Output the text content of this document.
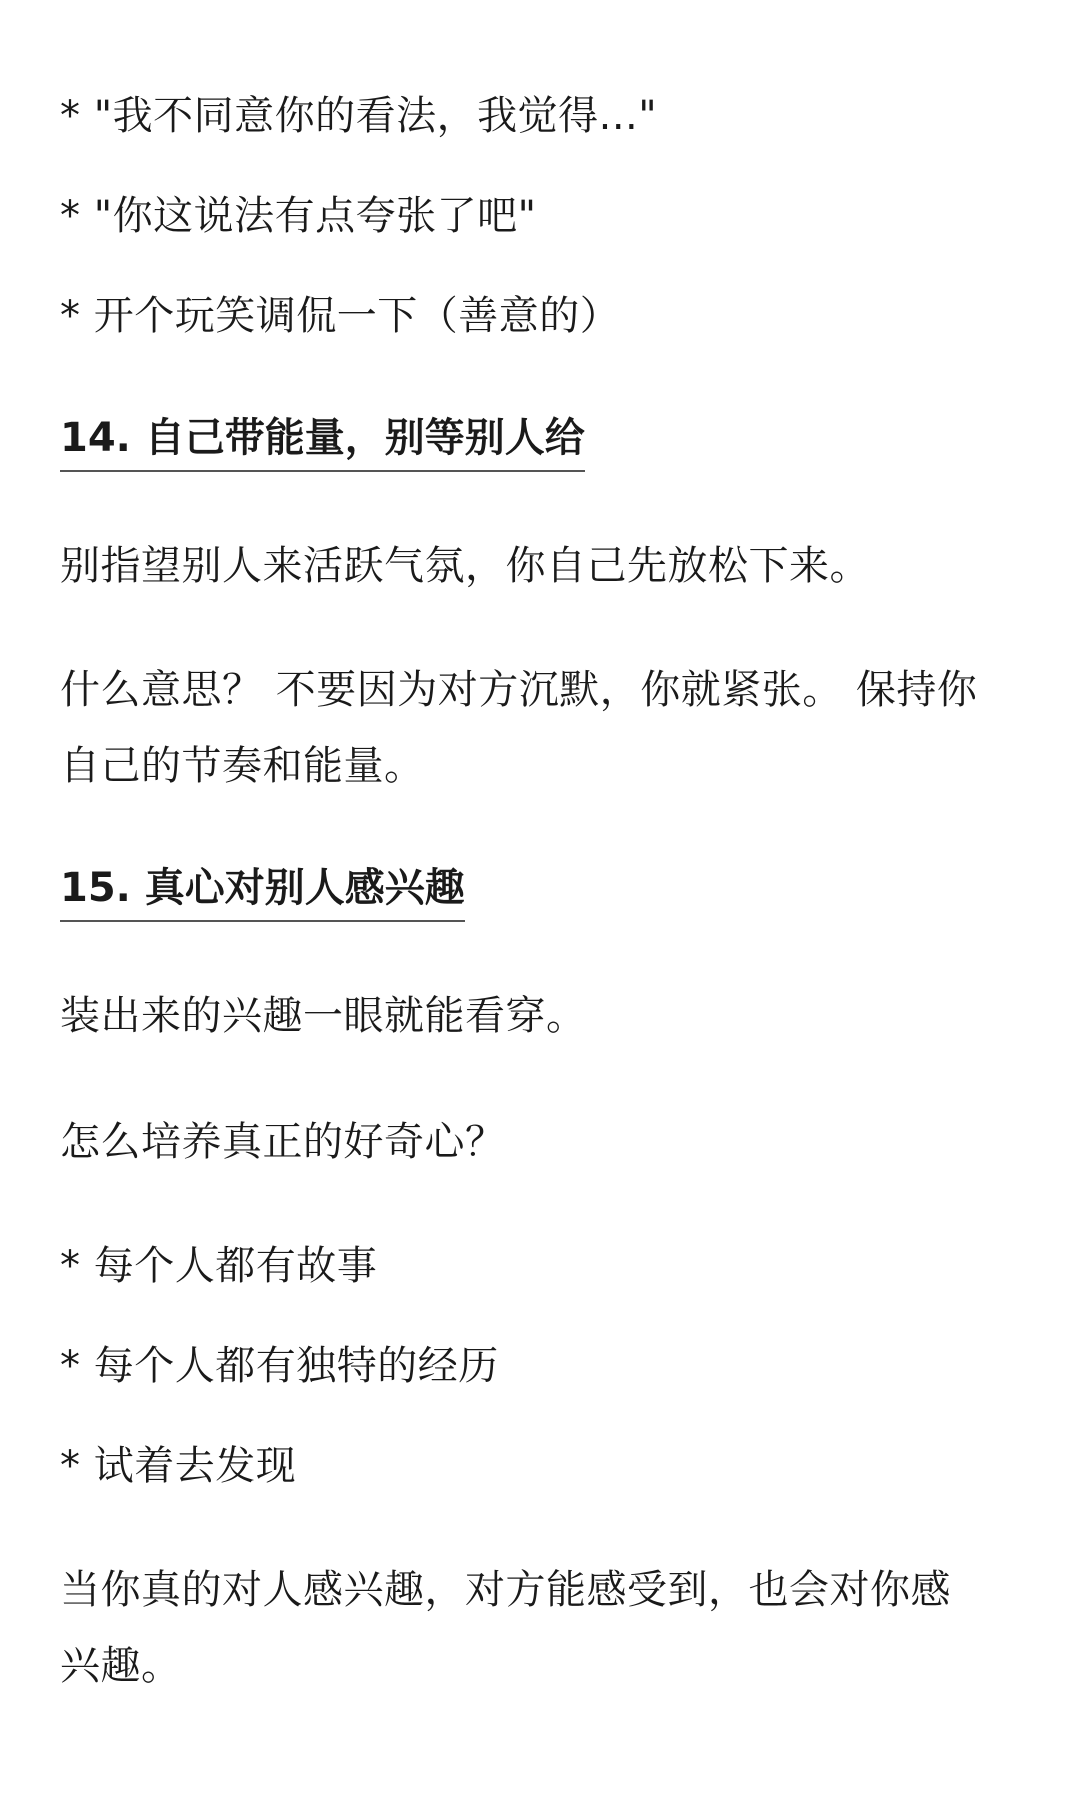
* "我不同意你的看法，我觉得..."

* "你这说法有点夸张了吧"

* 开个玩笑调侃一下（善意的）

14. 自己带能量，别等别人给

别指望别人来活跃气氛，你自己先放松下来。

什么意思？ 不要因为对方沉默，你就紧张。 保持你

自己的节奏和能量。

15. 真心对别人感兴趣

装出来的兴趣一眼就能看穿。

怎么培养真正的好奇心？

* 每个人都有故事

* 每个人都有独特的经历

* 试着去发现

当你真的对人感兴趣，对方能感受到，也会对你感

兴趣。
